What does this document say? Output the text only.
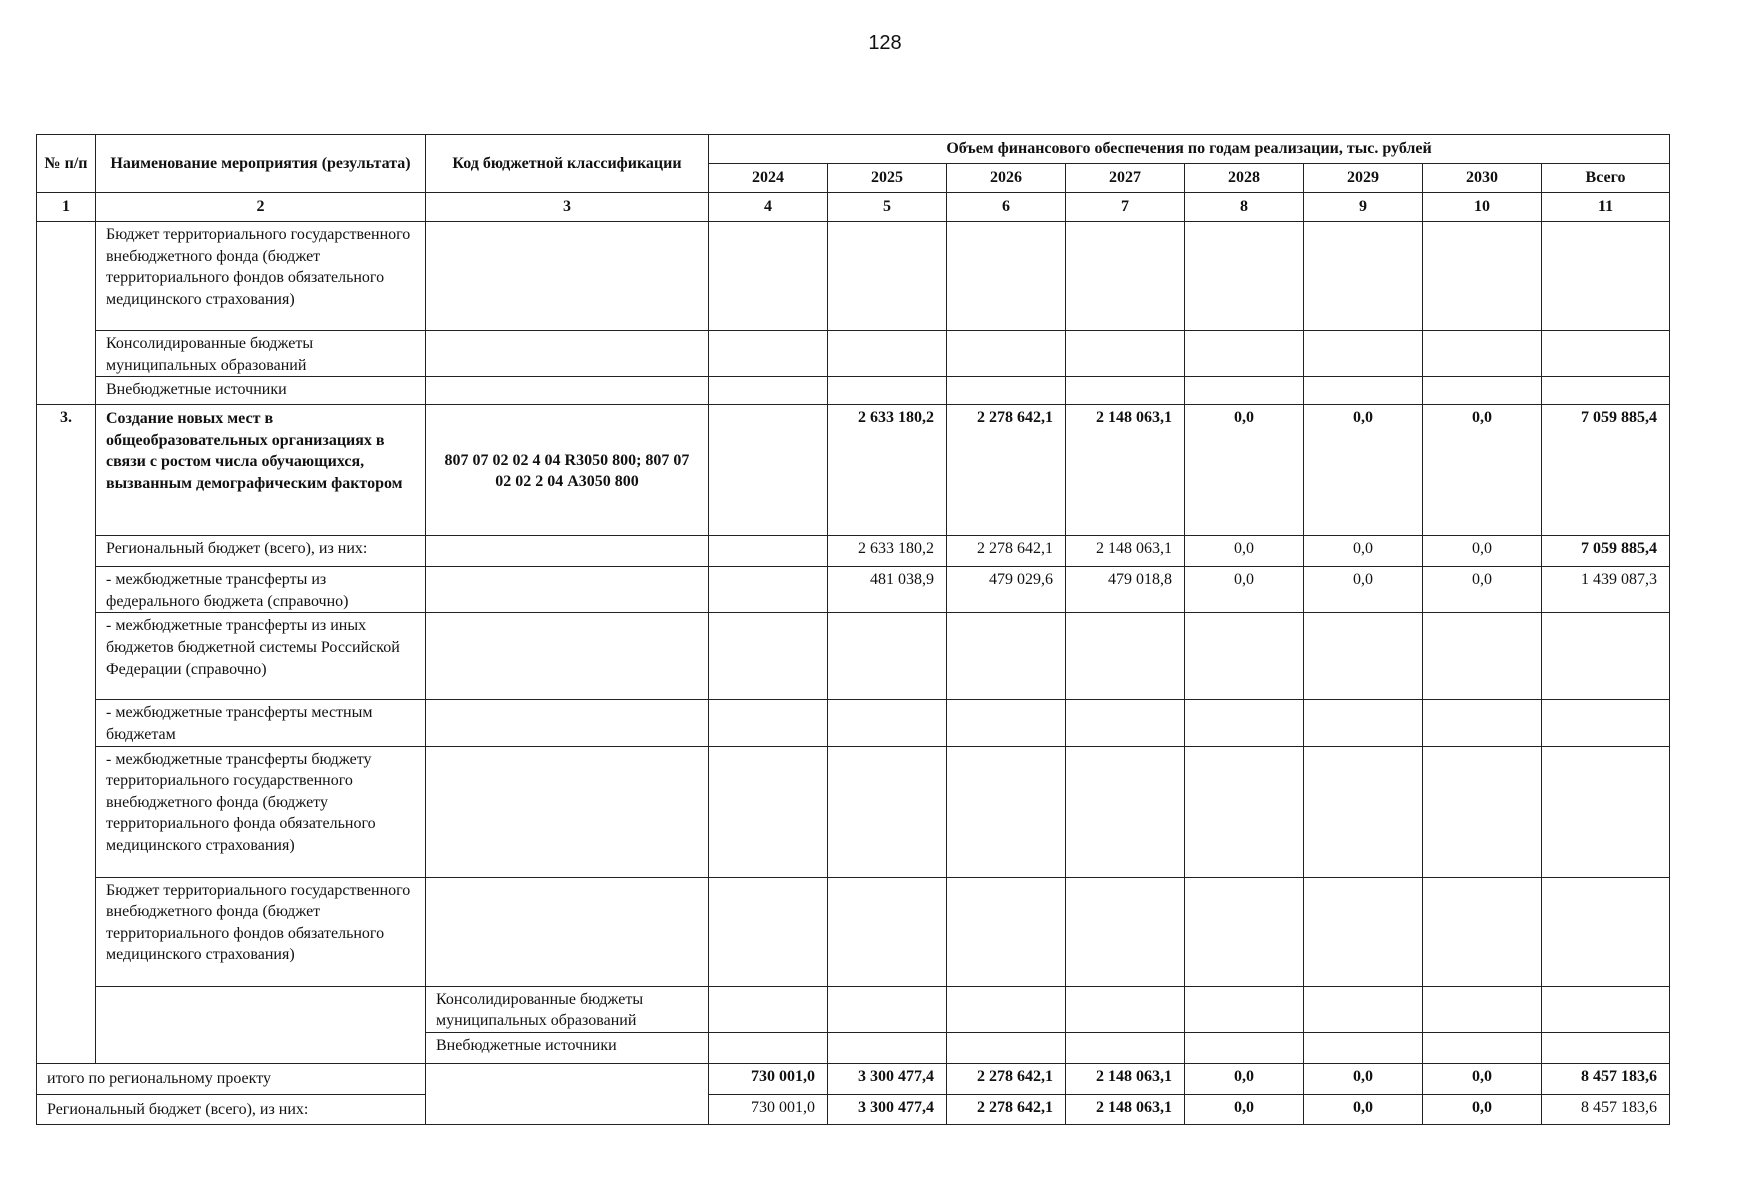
128
№ п/п	Наименование мероприятия (результата)	Код бюджетной классификации	Объем финансового обеспечения по годам реализации, тыс. рублей								
			2024	2025	2026	2027	2028	2029	2030	Всего	
1	2	3	4	5	6	7	8	9	10	11	
	Бюджет территориального государственного внебюджетного фонда (бюджет территориального фондов обязательного медицинского страхования)										
	Консолидированные бюджеты муниципальных образований										
	Внебюджетные источники										
3.	Создание новых мест в общеобразовательных организациях в связи с ростом числа обучающихся, вызванным демографическим фактором	807 07 02 02 4 04 R3050 800; 807 07 02 02 2 04 А3050 800		2 633 180,2	2 278 642,1	2 148 063,1	0,0	0,0	0,0	7 059 885,4	
	Региональный бюджет (всего), из них:			2 633 180,2	2 278 642,1	2 148 063,1	0,0	0,0	0,0	7 059 885,4	
	- межбюджетные трансферты из федерального бюджета (справочно)			481 038,9	479 029,6	479 018,8	0,0	0,0	0,0	1 439 087,3	
	- межбюджетные трансферты из иных бюджетов бюджетной системы Российской Федерации (справочно)										
	- межбюджетные трансферты местным бюджетам										
	- межбюджетные трансферты бюджету территориального государственного внебюджетного фонда (бюджету территориального фонда обязательного медицинского страхования)										
	Бюджет территориального государственного внебюджетного фонда (бюджет территориального фондов обязательного медицинского страхования)										
		Консолидированные бюджеты муниципальных образований									
		Внебюджетные источники									
итого по региональному проекту			730 001,0	3 300 477,4	2 278 642,1	2 148 063,1	0,0	0,0	0,0	8 457 183,6	
Региональный бюджет (всего), из них:			730 001,0	3 300 477,4	2 278 642,1	2 148 063,1	0,0	0,0	0,0	8 457 183,6	
